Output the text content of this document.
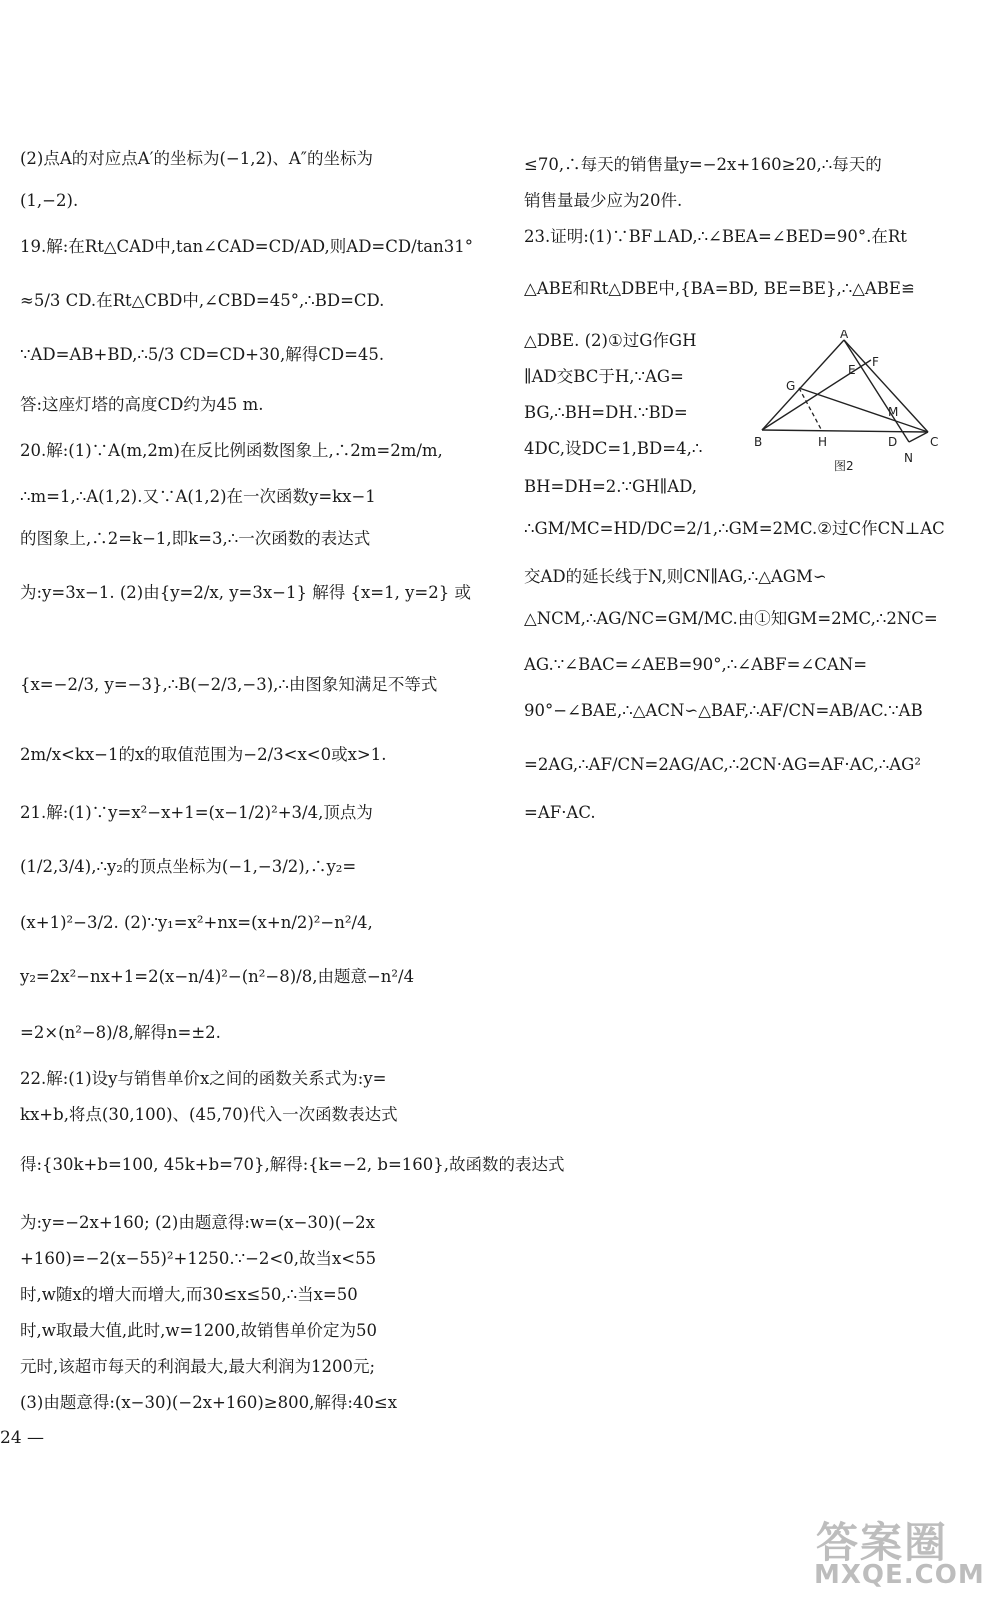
(2)点A的对应点A′的坐标为(−1,2)、A″的坐标为
(1,−2).
19.解:在Rt△CAD中,tan∠CAD=CD/AD,则AD=CD/tan31°
≈5/3 CD.在Rt△CBD中,∠CBD=45°,∴BD=CD.
∵AD=AB+BD,∴5/3 CD=CD+30,解得CD=45.
答:这座灯塔的高度CD约为45 m.
20.解:(1)∵A(m,2m)在反比例函数图象上,∴2m=2m/m,
∴m=1,∴A(1,2).又∵A(1,2)在一次函数y=kx−1
的图象上,∴2=k−1,即k=3,∴一次函数的表达式
为:y=3x−1. (2)由{y=2/x, y=3x−1} 解得 {x=1, y=2} 或
{x=−2/3, y=−3},∴B(−2/3,−3),∴由图象知满足不等式
2m/x<kx−1的x的取值范围为−2/3<x<0或x>1.
21.解:(1)∵y=x²−x+1=(x−1/2)²+3/4,顶点为
(1/2,3/4),∴y₂的顶点坐标为(−1,−3/2),∴y₂=
(x+1)²−3/2. (2)∵y₁=x²+nx=(x+n/2)²−n²/4,
y₂=2x²−nx+1=2(x−n/4)²−(n²−8)/8,由题意−n²/4
=2×(n²−8)/8,解得n=±2.
22.解:(1)设y与销售单价x之间的函数关系式为:y=
kx+b,将点(30,100)、(45,70)代入一次函数表达式
得:{30k+b=100, 45k+b=70},解得:{k=−2, b=160},故函数的表达式
为:y=−2x+160; (2)由题意得:w=(x−30)(−2x
+160)=−2(x−55)²+1250.∵−2<0,故当x<55
时,w随x的增大而增大,而30≤x≤50,∴当x=50
时,w取最大值,此时,w=1200,故销售单价定为50
元时,该超市每天的利润最大,最大利润为1200元;
(3)由题意得:(x−30)(−2x+160)≥800,解得:40≤x
≤70,∴每天的销售量y=−2x+160≥20,∴每天的
销售量最少应为20件.
23.证明:(1)∵BF⊥AD,∴∠BEA=∠BED=90°.在Rt
△ABE和Rt△DBE中,{BA=BD, BE=BE},∴△ABE≌
△DBE. (2)①过G作GH
∥AD交BC于H,∵AG=
BG,∴BH=DH.∵BD=
4DC,设DC=1,BD=4,∴
BH=DH=2.∵GH∥AD,
∴GM/MC=HD/DC=2/1,∴GM=2MC.②过C作CN⊥AC
交AD的延长线于N,则CN∥AG,∴△AGM∽
△NCM,∴AG/NC=GM/MC.由①知GM=2MC,∴2NC=
AG.∵∠BAC=∠AEB=90°,∴∠ABF=∠CAN=
90°−∠BAE,∴△ACN∽△BAF,∴AF/CN=AB/AC.∵AB
=2AG,∴AF/CN=2AG/AC,∴2CN·AG=AF·AC,∴AG²
=AF·AC.
A
B	C
D
E
F
G
H
M
N
图2
24 —
答案圈
MXQE.COM
